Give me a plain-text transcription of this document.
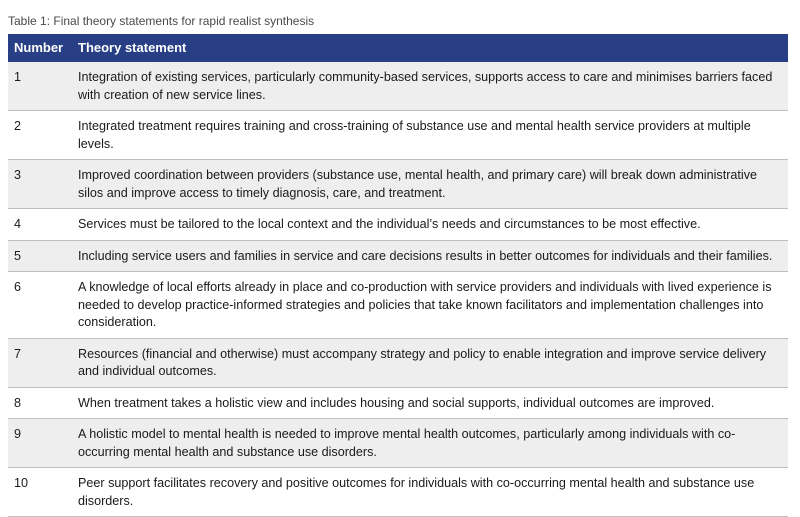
Table 1: Final theory statements for rapid realist synthesis
Number	Theory statement
1	Integration of existing services, particularly community-based services, supports access to care and minimises barriers faced with creation of new service lines.
2	Integrated treatment requires training and cross-training of substance use and mental health service providers at multiple levels.
3	Improved coordination between providers (substance use, mental health, and primary care) will break down administrative silos and improve access to timely diagnosis, care, and treatment.
4	Services must be tailored to the local context and the individual’s needs and circumstances to be most effective.
5	Including service users and families in service and care decisions results in better outcomes for individuals and their families.
6	A knowledge of local efforts already in place and co-production with service providers and individuals with lived experience is needed to develop practice-informed strategies and policies that take known facilitators and implementation challenges into consideration.
7	Resources (financial and otherwise) must accompany strategy and policy to enable integration and improve service delivery and individual outcomes.
8	When treatment takes a holistic view and includes housing and social supports, individual outcomes are improved.
9	A holistic model to mental health is needed to improve mental health outcomes, particularly among individuals with co-occurring mental health and substance use disorders.
10	Peer support facilitates recovery and positive outcomes for individuals with co-occurring mental health and substance use disorders.
